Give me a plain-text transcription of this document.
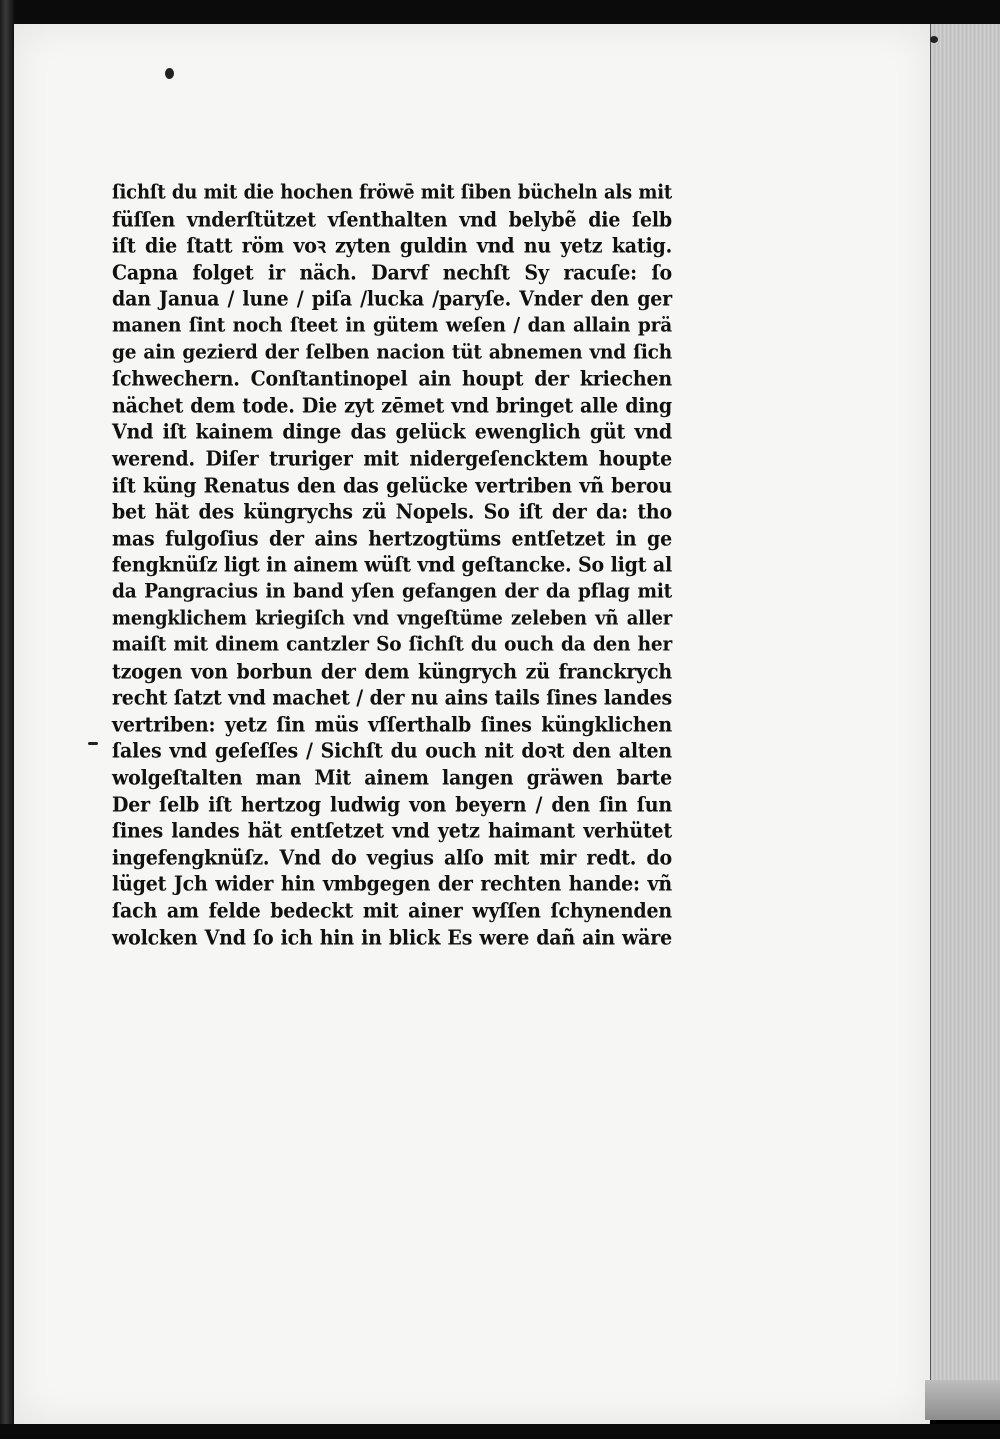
ſichſt du mit die hochen fröwē mit ſiben bücheln als mit
füſſen vnderſtützet vſenthalten vnd belybẽ die ſelb
iſt die ſtatt röm voꝛ zyten guldin vnd nu yetz katig.
Capna folget ir näch. Darvf nechſt Sy racuſe: ſo
dan Janua / lune / piſa /lucka /paryſe. Vnder den ger
manen ſint noch ſteet in gütem weſen / dan allain prä
ge ain gezierd der ſelben nacion tüt abnemen vnd ſich
ſchwechern. Conſtantinopel ain houpt der kriechen
nächet dem tode. Die zyt zēmet vnd bringet alle ding
Vnd iſt kainem dinge das gelück ewenglich güt vnd
werend. Diſer truriger mit nidergeſencktem houpte
iſt küng Renatus den das gelücke vertriben vñ berou
bet hät des küngrychs zü Nopels. So iſt der da: tho
mas fulgoſius der ains hertzogtüms entſetzet in ge
fengknüſz ligt in ainem wüſt vnd geſtancke. So ligt al
da Pangracius in band yſen gefangen der da pflag mit
mengklichem kriegiſch vnd vngeſtüme zeleben vñ aller
maiſt mit dinem cantzler So ſichſt du ouch da den her
tzogen von borbun der dem küngrych zü franckrych
recht ſatzt vnd machet / der nu ains tails ſines landes
vertriben: yetz ſin müs vſſerthalb ſines küngklichen
ſales vnd geſeſſes / Sichſt du ouch nit doꝛt den alten
wolgeſtalten man Mit ainem langen gräwen barte
Der ſelb iſt hertzog ludwig von beyern / den ſin ſun
ſines landes hät entſetzet vnd yetz haimant verhütet
ingefengknüſz. Vnd do vegius alſo mit mir redt. do
lüget Jch wider hin vmbgegen der rechten hande: vñ
ſach am felde bedeckt mit ainer wyſſen ſchynenden
wolcken Vnd ſo ich hin in blick Es were dañ ain wäre
